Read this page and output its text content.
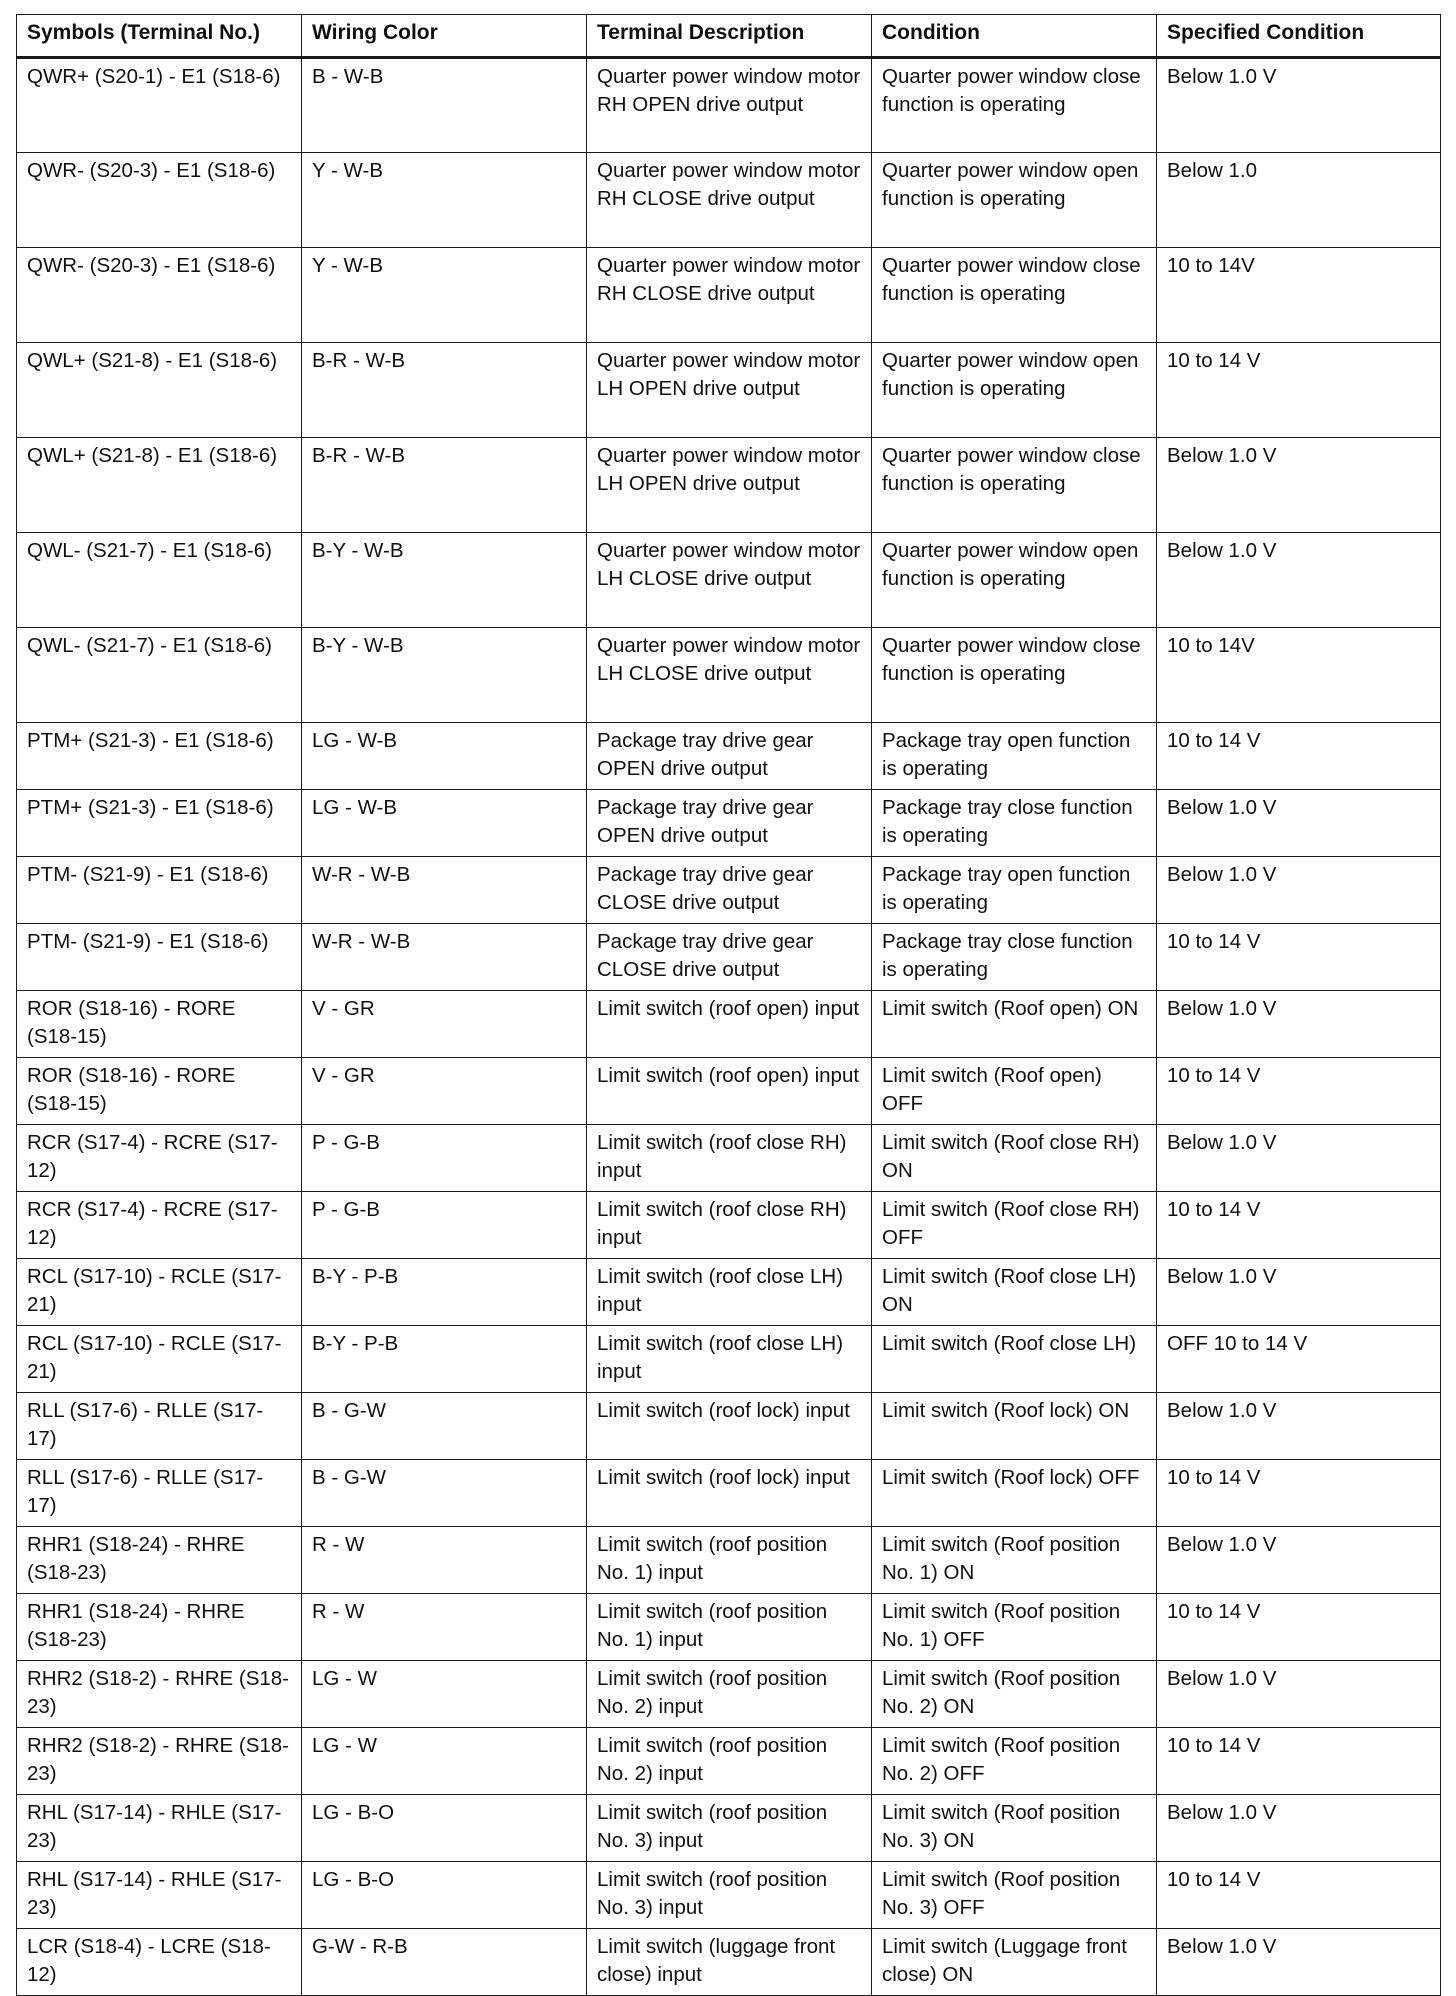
Symbols (Terminal No.)	Wiring Color	Terminal Description	Condition	Specified Condition
QWR+ (S20-1) - E1 (S18-6)	B - W-B	Quarter power window motor RH OPEN drive output	Quarter power window close function is operating	Below 1.0 V
QWR- (S20-3) - E1 (S18-6)	Y - W-B	Quarter power window motor RH CLOSE drive output	Quarter power window open function is operating	Below 1.0
QWR- (S20-3) - E1 (S18-6)	Y - W-B	Quarter power window motor RH CLOSE drive output	Quarter power window close function is operating	10 to 14V
QWL+ (S21-8) - E1 (S18-6)	B-R - W-B	Quarter power window motor LH OPEN drive output	Quarter power window open function is operating	10 to 14 V
QWL+ (S21-8) - E1 (S18-6)	B-R - W-B	Quarter power window motor LH OPEN drive output	Quarter power window close function is operating	Below 1.0 V
QWL- (S21-7) - E1 (S18-6)	B-Y - W-B	Quarter power window motor LH CLOSE drive output	Quarter power window open function is operating	Below 1.0 V
QWL- (S21-7) - E1 (S18-6)	B-Y - W-B	Quarter power window motor LH CLOSE drive output	Quarter power window close function is operating	10 to 14V
PTM+ (S21-3) - E1 (S18-6)	LG - W-B	Package tray drive gear OPEN drive output	Package tray open function is operating	10 to 14 V
PTM+ (S21-3) - E1 (S18-6)	LG - W-B	Package tray drive gear OPEN drive output	Package tray close function is operating	Below 1.0 V
PTM- (S21-9) - E1 (S18-6)	W-R - W-B	Package tray drive gear CLOSE drive output	Package tray open function is operating	Below 1.0 V
PTM- (S21-9) - E1 (S18-6)	W-R - W-B	Package tray drive gear CLOSE drive output	Package tray close function is operating	10 to 14 V
ROR (S18-16) - RORE (S18-15)	V - GR	Limit switch (roof open) input	Limit switch (Roof open) ON	Below 1.0 V
ROR (S18-16) - RORE (S18-15)	V - GR	Limit switch (roof open) input	Limit switch (Roof open) OFF	10 to 14 V
RCR (S17-4) - RCRE (S17-12)	P - G-B	Limit switch (roof close RH) input	Limit switch (Roof close RH) ON	Below 1.0 V
RCR (S17-4) - RCRE (S17-12)	P - G-B	Limit switch (roof close RH) input	Limit switch (Roof close RH) OFF	10 to 14 V
RCL (S17-10) - RCLE (S17-21)	B-Y - P-B	Limit switch (roof close LH) input	Limit switch (Roof close LH) ON	Below 1.0 V
RCL (S17-10) - RCLE (S17-21)	B-Y - P-B	Limit switch (roof close LH) input	Limit switch (Roof close LH)	OFF 10 to 14 V
RLL (S17-6) - RLLE (S17-17)	B - G-W	Limit switch (roof lock) input	Limit switch (Roof lock) ON	Below 1.0 V
RLL (S17-6) - RLLE (S17-17)	B - G-W	Limit switch (roof lock) input	Limit switch (Roof lock) OFF	10 to 14 V
RHR1 (S18-24) - RHRE (S18-23)	R - W	Limit switch (roof position No. 1) input	Limit switch (Roof position No. 1) ON	Below 1.0 V
RHR1 (S18-24) - RHRE (S18-23)	R - W	Limit switch (roof position No. 1) input	Limit switch (Roof position No. 1) OFF	10 to 14 V
RHR2 (S18-2) - RHRE (S18-23)	LG - W	Limit switch (roof position No. 2) input	Limit switch (Roof position No. 2) ON	Below 1.0 V
RHR2 (S18-2) - RHRE (S18-23)	LG - W	Limit switch (roof position No. 2) input	Limit switch (Roof position No. 2) OFF	10 to 14 V
RHL (S17-14) - RHLE (S17-23)	LG - B-O	Limit switch (roof position No. 3) input	Limit switch (Roof position No. 3) ON	Below 1.0 V
RHL (S17-14) - RHLE (S17-23)	LG - B-O	Limit switch (roof position No. 3) input	Limit switch (Roof position No. 3) OFF	10 to 14 V
LCR (S18-4) - LCRE (S18-12)	G-W - R-B	Limit switch (luggage front close) input	Limit switch (Luggage front close) ON	Below 1.0 V
